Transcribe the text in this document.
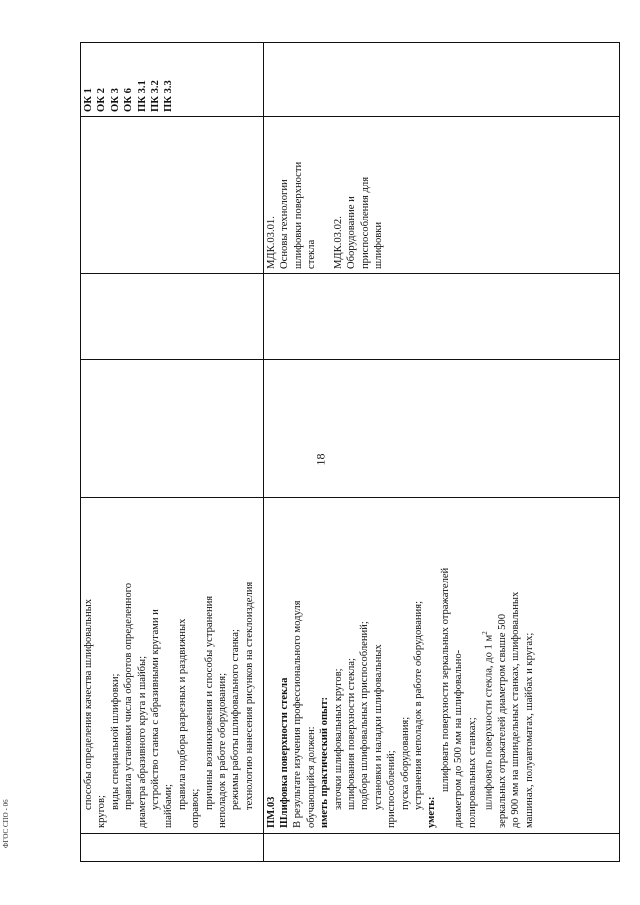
18
способы определения качества шлифовальных
кругов;
виды специальной шлифовки; правила установки числа оборотов определенного диаметра абразивного круга и шайбы; устройство станка с абразивными кругами и шайбами; правила подбора разрезных и раздвижных оправок; причины возникновения и способы устранения неполадок в работе оборудования; режимы работы шлифовального станка; технологию нанесения рисунков на стеклоизделия
ОК 1 ОК 2 ОК 3 ОК 6 ПК 3.1 ПК 3.2 ПК 3.3
ПМ.03 Шлифовка поверхности стекла В результате изучения профессионального модуля обучающийся должен: иметь практический опыт: заточки шлифовальных кругов; шлифования поверхности стекла; подбора шлифовальных приспособлений; установки и наладки шлифовальных приспособлений; пуска оборудования; устранения неполадок в работе оборудования;
уметь:
шлифовать поверхности зеркальных отражателей диаметром до 500 мм на шлифовально- полировальных станках; шлифовать поверхности стекла, до 1 $м^2$ зеркальных отражателей диаметром свыше 500 до 900 мм на шпиндельных станках, шлифовальных машинах, полуавтоматах, шайбах и кругах;
МДК.03.01. Основы технологии шлифовки поверхности стекла МДК.03.02. Оборудование и приспособления для шлифовки
ФГОС СПО - 06
